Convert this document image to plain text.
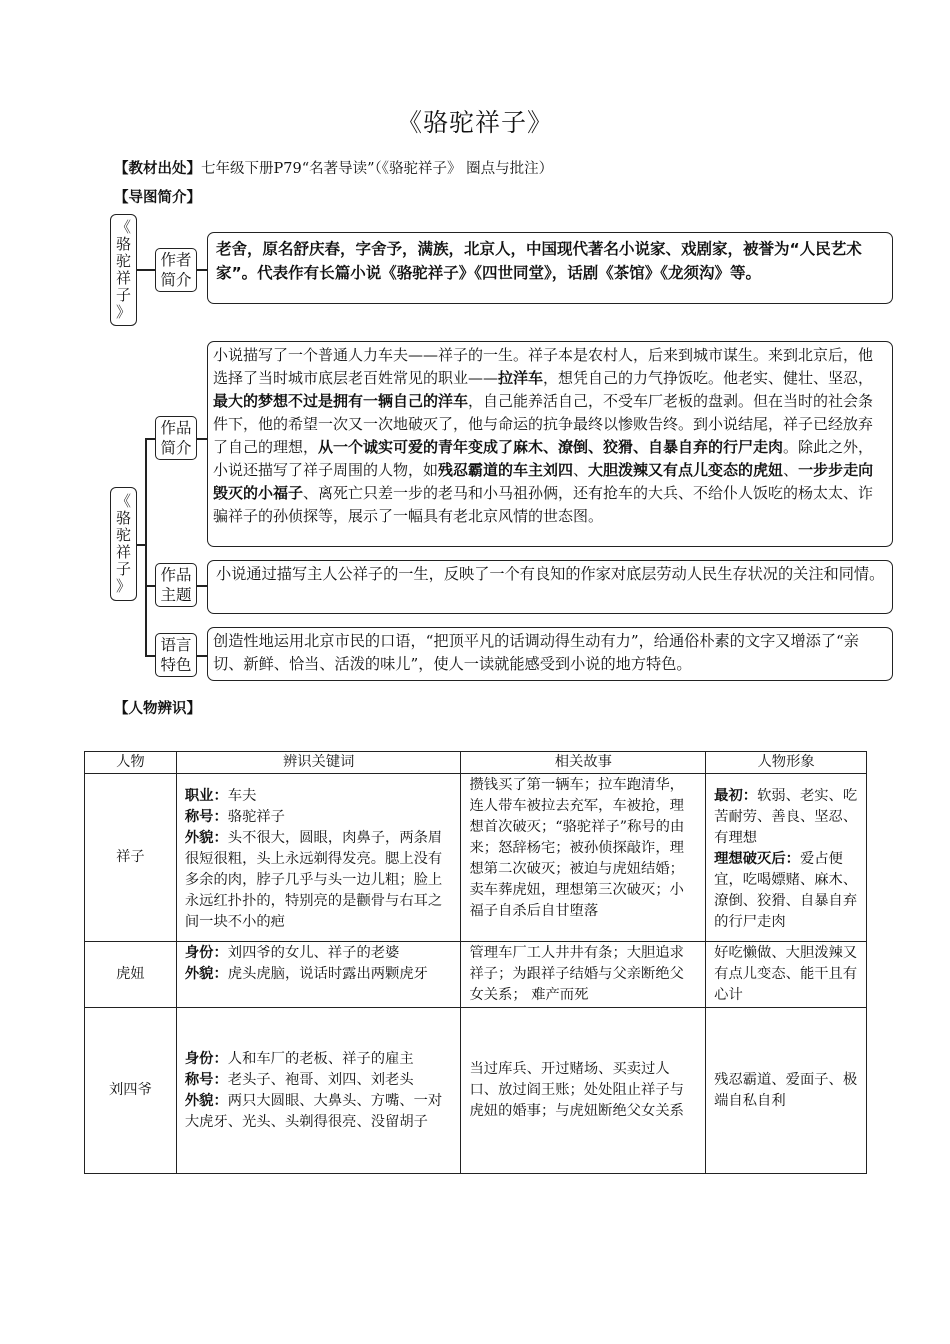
《骆驼祥子》
【教材出处】七年级下册P79“名著导读”（《骆驼祥子》 圈点与批注）
【导图简介】
《
骆
驼
祥
子
》
作者
简介
老舍，原名舒庆春，字舍予，满族，北京人，中国现代著名小说家、戏剧家，被誉为“人民艺术家”。代表作有长篇小说《骆驼祥子》《四世同堂》，话剧《茶馆》《龙须沟》等。
《
骆
驼
祥
子
》
作品
简介
小说描写了一个普通人力车夫——祥子的一生。祥子本是农村人，后来到城市谋生。来到北京后，他选择了当时城市底层老百姓常见的职业——拉洋车，想凭自己的力气挣饭吃。他老实、健壮、坚忍，最大的梦想不过是拥有一辆自己的洋车，自己能养活自己，不受车厂老板的盘剥。但在当时的社会条件下，他的希望一次又一次地破灭了，他与命运的抗争最终以惨败告终。到小说结尾，祥子已经放弃了自己的理想，从一个诚实可爱的青年变成了麻木、潦倒、狡猾、自暴自弃的行尸走肉。除此之外，小说还描写了祥子周围的人物，如残忍霸道的车主刘四、大胆泼辣又有点儿变态的虎妞、一步步走向毁灭的小福子、离死亡只差一步的老马和小马祖孙俩，还有抢车的大兵、不给仆人饭吃的杨太太、诈骗祥子的孙侦探等，展示了一幅具有老北京风情的世态图。
作品
主题
小说通过描写主人公祥子的一生，反映了一个有良知的作家对底层劳动人民生存状况的关注和同情。
语言
特色
创造性地运用北京市民的口语，“把顶平凡的话调动得生动有力”，给通俗朴素的文字又增添了“亲切、新鲜、恰当、活泼的味儿”，使人一读就能感受到小说的地方特色。
【人物辨识】
人物	辨识关键词	相关故事	人物形象
祥子	职业：车夫
称号：骆驼祥子
外貌：头不很大，圆眼，肉鼻子，两条眉很短很粗，头上永远剃得发亮。腮上没有多余的肉，脖子几乎与头一边儿粗；脸上永远红扑扑的，特别亮的是颧骨与右耳之间一块不小的疤	攒钱买了第一辆车；拉车跑清华，连人带车被拉去充军，车被抢，理想首次破灭；“骆驼祥子”称号的由来；怒辞杨宅；被孙侦探敲诈，理想第二次破灭；被迫与虎妞结婚；卖车葬虎妞，理想第三次破灭；小福子自杀后自甘堕落	最初：软弱、老实、吃苦耐劳、善良、坚忍、有理想
理想破灭后：爱占便宜，吃喝嫖赌、麻木、潦倒、狡猾、自暴自弃的行尸走肉
虎妞	身份：刘四爷的女儿、祥子的老婆
外貌：虎头虎脑，说话时露出两颗虎牙	管理车厂工人井井有条；大胆追求祥子；为跟祥子结婚与父亲断绝父女关系； 难产而死	好吃懒做、大胆泼辣又有点儿变态、能干且有心计
刘四爷	身份：人和车厂的老板、祥子的雇主
称号：老头子、袍哥、刘四、刘老头
外貌：两只大圆眼、大鼻头、方嘴、一对大虎牙、光头、头剃得很亮、没留胡子	当过库兵、开过赌场、买卖过人口、放过阎王账；处处阻止祥子与虎妞的婚事；与虎妞断绝父女关系	残忍霸道、爱面子、极端自私自利
